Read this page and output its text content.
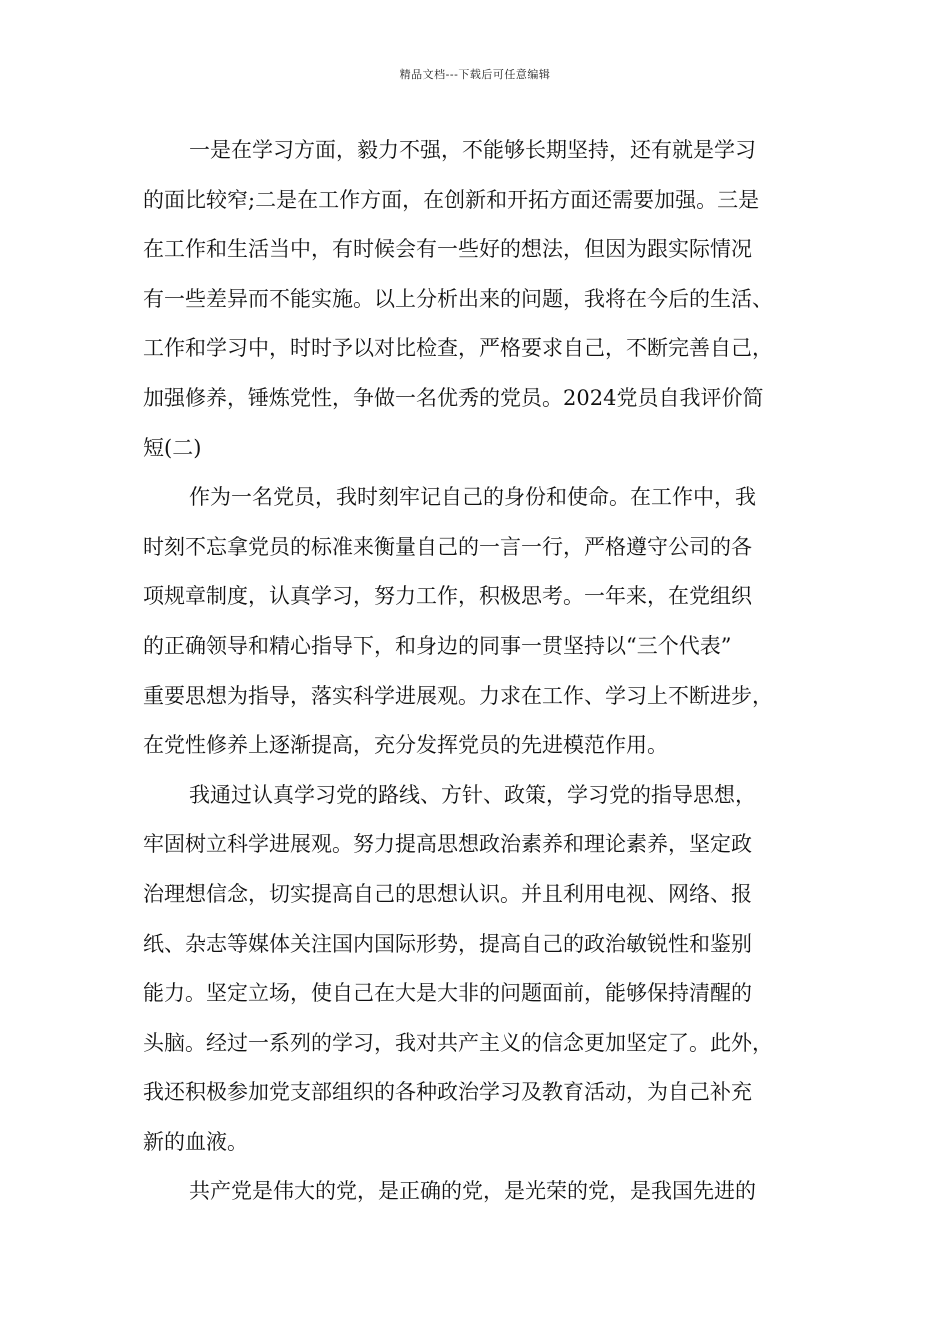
精品文档---下载后可任意编辑
一是在学习方面，毅力不强，不能够长期坚持，还有就是学习
的面比较窄;二是在工作方面，在创新和开拓方面还需要加强。三是
在工作和生活当中，有时候会有一些好的想法，但因为跟实际情况
有一些差异而不能实施。以上分析出来的问题，我将在今后的生活、
工作和学习中，时时予以对比检查，严格要求自己，不断完善自己，
加强修养，锤炼党性，争做一名优秀的党员。2024党员自我评价简
短(二)
作为一名党员，我时刻牢记自己的身份和使命。在工作中，我
时刻不忘拿党员的标准来衡量自己的一言一行，严格遵守公司的各
项规章制度，认真学习，努力工作，积极思考。一年来，在党组织
的正确领导和精心指导下，和身边的同事一贯坚持以“三个代表”
重要思想为指导，落实科学进展观。力求在工作、学习上不断进步，
在党性修养上逐渐提高，充分发挥党员的先进模范作用。
我通过认真学习党的路线、方针、政策，学习党的指导思想，
牢固树立科学进展观。努力提高思想政治素养和理论素养，坚定政
治理想信念，切实提高自己的思想认识。并且利用电视、网络、报
纸、杂志等媒体关注国内国际形势，提高自己的政治敏锐性和鉴别
能力。坚定立场，使自己在大是大非的问题面前，能够保持清醒的
头脑。经过一系列的学习，我对共产主义的信念更加坚定了。此外，
我还积极参加党支部组织的各种政治学习及教育活动，为自己补充
新的血液。
共产党是伟大的党，是正确的党，是光荣的党，是我国先进的
